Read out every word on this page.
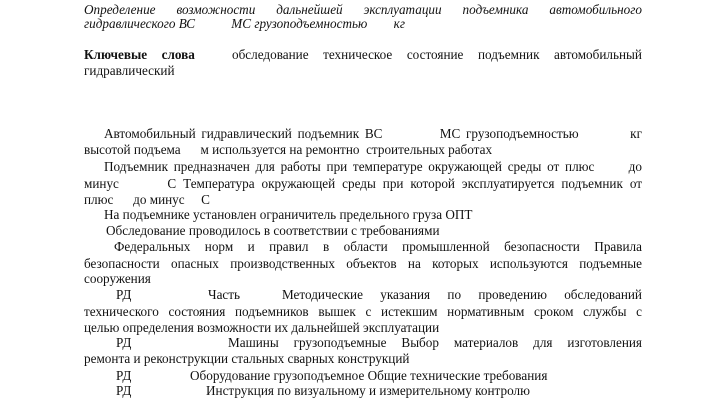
Определение возможности дальнейшей эксплуатации подъемника автомобильного
гидравлического ВС           МС грузоподъемностью        кг
Ключевые слова	обследование техническое состояние подъемник автомобильный
гидравлический
Автомобильный гидравлический подъемник ВС          МС грузоподъемностью         кг
высотой подъема      м используется на ремонтно  строительных работах
Подъемник предназначен для работы при температуре окружающей среды от плюс      до
минус       С Температура окружающей среды при которой эксплуатируется подъемник от
плюс      до минус     С
На подъемнике установлен ограничитель предельного груза ОПТ
Обследование проводилось в соответствии с требованиями
Федеральных норм и правил в области промышленной безопасности Правила
безопасности опасных производственных объектов на которых используются подъемные
сооружения
РД	Часть	Методические указания по проведению обследований
технического состояния подъемников вышек с истекшим нормативным сроком службы с
целью определения возможности их дальнейшей эксплуатации
РД	Машины грузоподъемные Выбор материалов для изготовления
ремонта и реконструкции стальных сварных конструкций
РД	Оборудование грузоподъемное Общие технические требования
РД	Инструкция по визуальному и измерительному контролю
